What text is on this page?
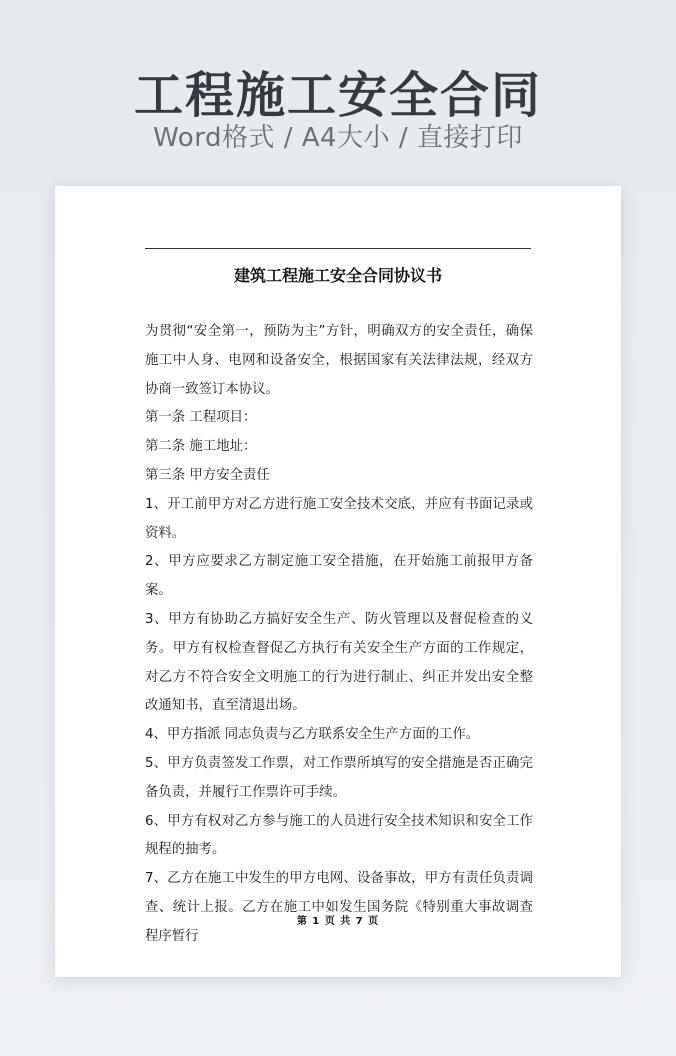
工程施工安全合同
Word格式 / A4大小 / 直接打印
建筑工程施工安全合同协议书

为贯彻“安全第一，预防为主”方针，明确双方的安全责任，确保施工中人身、电网和设备安全，根据国家有关法律法规，经双方协商一致签订本协议。

第一条 工程项目：

第二条 施工地址：

第三条 甲方安全责任

1、开工前甲方对乙方进行施工安全技术交底，并应有书面记录或资料。

2、甲方应要求乙方制定施工安全措施，在开始施工前报甲方备案。

3、甲方有协助乙方搞好安全生产、防火管理以及督促检查的义务。甲方有权检查督促乙方执行有关安全生产方面的工作规定，对乙方不符合安全文明施工的行为进行制止、纠正并发出安全整改通知书，直至清退出场。

4、甲方指派 同志负责与乙方联系安全生产方面的工作。

5、甲方负责签发工作票，对工作票所填写的安全措施是否正确完备负责，并履行工作票许可手续。

6、甲方有权对乙方参与施工的人员进行安全技术知识和安全工作规程的抽考。

7、乙方在施工中发生的甲方电网、设备事故，甲方有责任负责调查、统计上报。乙方在施工中如发生国务院《特别重大事故调查程序暂行

第 1 页 共 7 页
